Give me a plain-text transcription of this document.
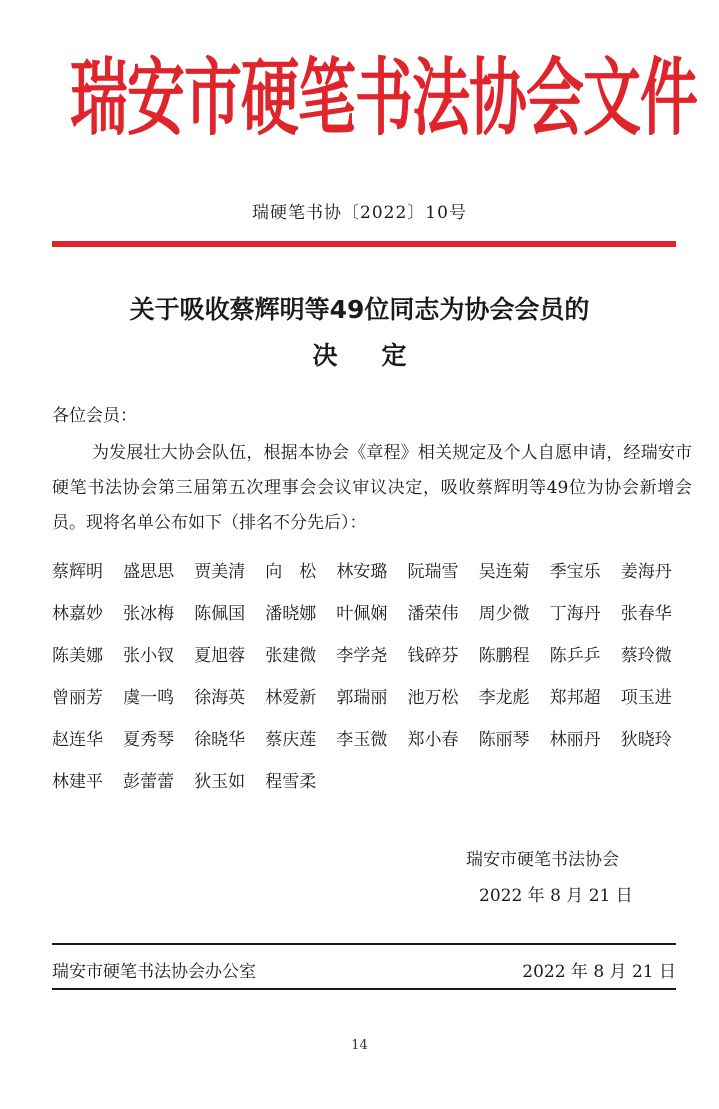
瑞安市硬笔书法协会文件
瑞硬笔书协〔2022〕10号
关于吸收蔡辉明等49位同志为协会会员的
决定
各位会员：
为发展壮大协会队伍，根据本协会《章程》相关规定及个人自愿申请，经瑞安市硬笔书法协会第三届第五次理事会会议审议决定，吸收蔡辉明等49位为协会新增会员。现将名单公布如下（排名不分先后）：
蔡辉明	盛思思	贾美清	向　松	林安璐	阮瑞雪	吴连菊	季宝乐	姜海丹
林嘉妙	张冰梅	陈佩国	潘晓娜	叶佩娴	潘荣伟	周少微	丁海丹	张春华
陈美娜	张小钗	夏旭蓉	张建微	李学尧	钱碎芬	陈鹏程	陈乒乒	蔡玲微
曾丽芳	虞一鸣	徐海英	林爱新	郭瑞丽	池万松	李龙彪	郑邦超	项玉进
赵连华	夏秀琴	徐晓华	蔡庆莲	李玉微	郑小春	陈丽琴	林丽丹	狄晓玲
林建平	彭蕾蕾	狄玉如	程雪柔
瑞安市硬笔书法协会
2022 年 8 月 21 日
瑞安市硬笔书法协会办公室	2022 年 8 月 21 日
14
